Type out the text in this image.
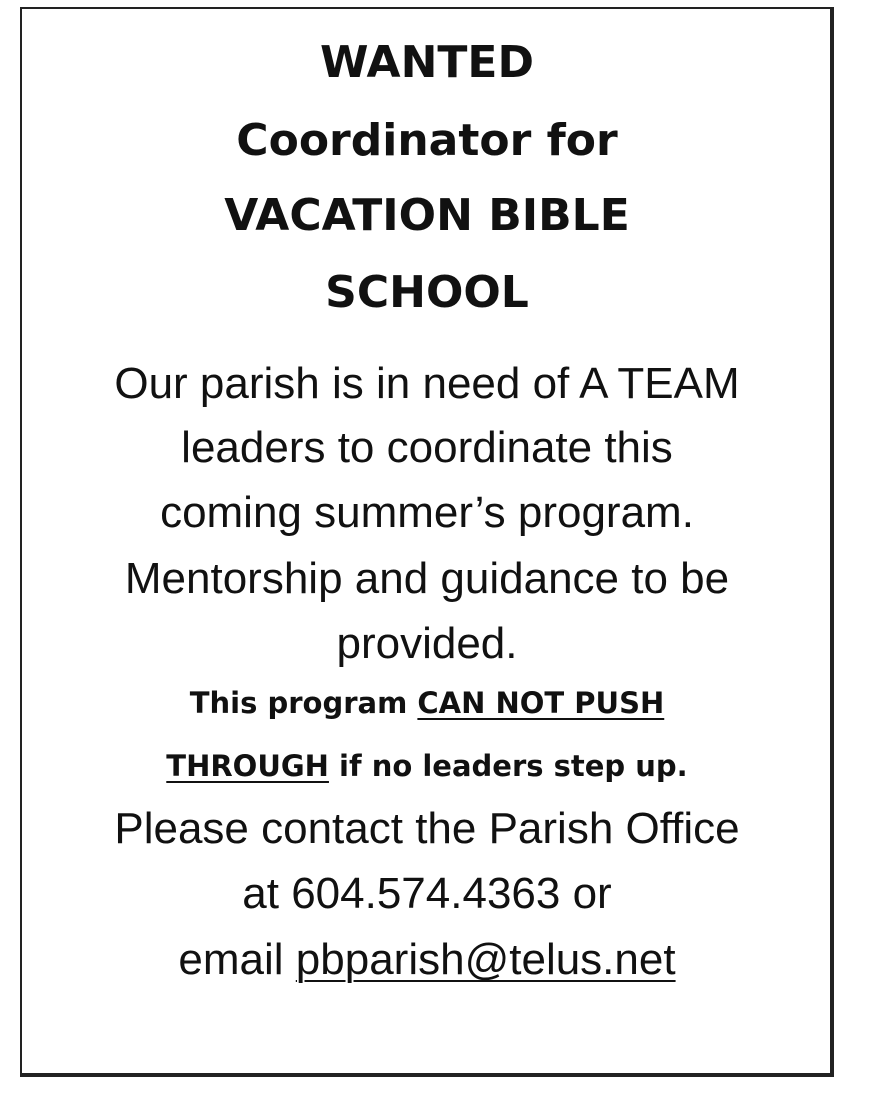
WANTED
Coordinator for
VACATION BIBLE
SCHOOL
Our parish is in need of A TEAM
leaders to coordinate this
coming summer’s program.
Mentorship and guidance to be
provided.
This program CAN NOT PUSH
THROUGH if no leaders step up.
Please contact the Parish Office
at 604.574.4363 or
email pbparish@telus.net
